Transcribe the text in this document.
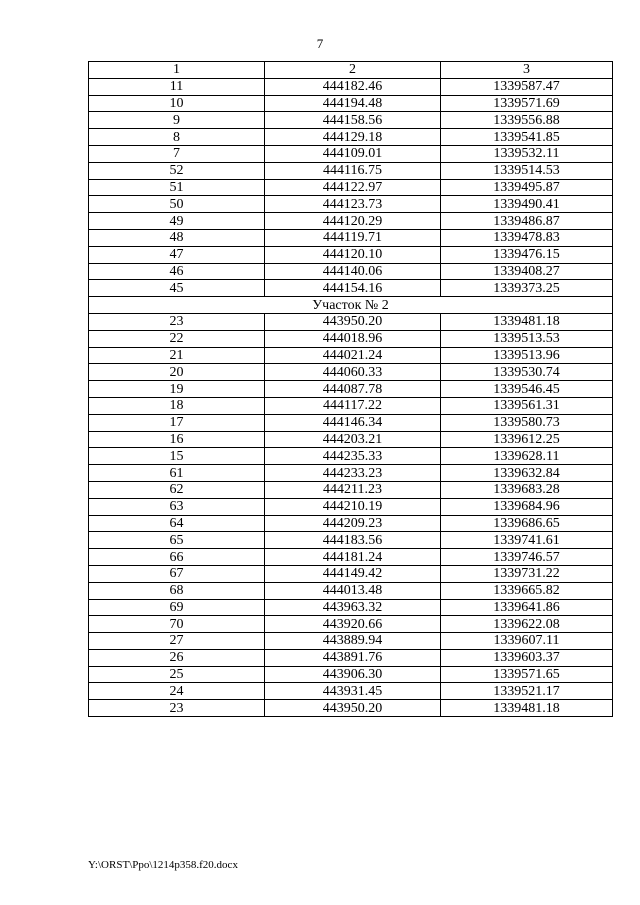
7
1	2	3
11	444182.46	1339587.47
10	444194.48	1339571.69
9	444158.56	1339556.88
8	444129.18	1339541.85
7	444109.01	1339532.11
52	444116.75	1339514.53
51	444122.97	1339495.87
50	444123.73	1339490.41
49	444120.29	1339486.87
48	444119.71	1339478.83
47	444120.10	1339476.15
46	444140.06	1339408.27
45	444154.16	1339373.25
Участок № 2		
23	443950.20	1339481.18
22	444018.96	1339513.53
21	444021.24	1339513.96
20	444060.33	1339530.74
19	444087.78	1339546.45
18	444117.22	1339561.31
17	444146.34	1339580.73
16	444203.21	1339612.25
15	444235.33	1339628.11
61	444233.23	1339632.84
62	444211.23	1339683.28
63	444210.19	1339684.96
64	444209.23	1339686.65
65	444183.56	1339741.61
66	444181.24	1339746.57
67	444149.42	1339731.22
68	444013.48	1339665.82
69	443963.32	1339641.86
70	443920.66	1339622.08
27	443889.94	1339607.11
26	443891.76	1339603.37
25	443906.30	1339571.65
24	443931.45	1339521.17
23	443950.20	1339481.18
Y:\ORST\Ppo\1214p358.f20.docx
